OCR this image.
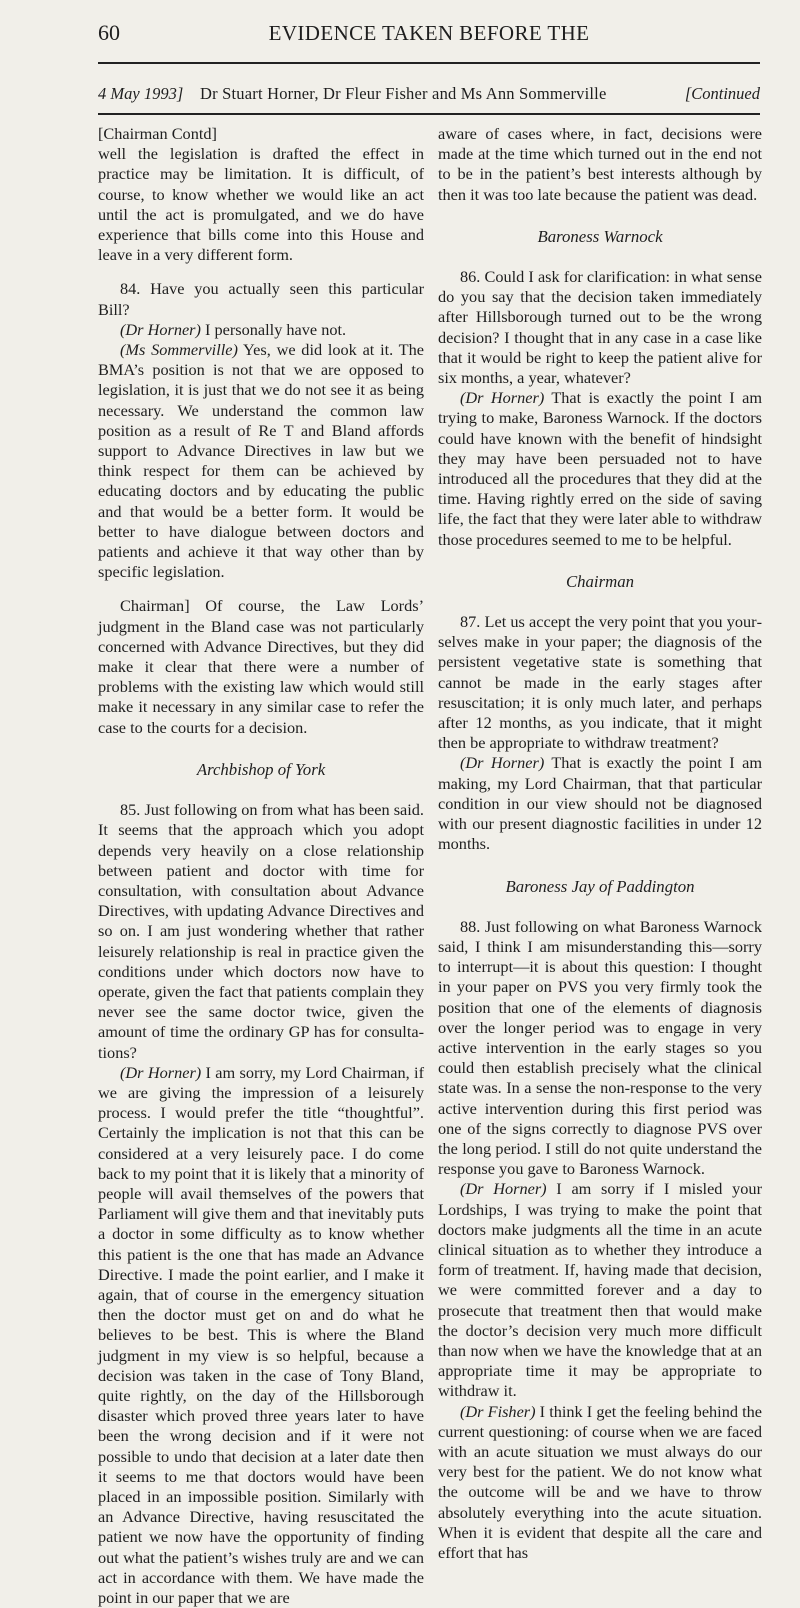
60	EVIDENCE TAKEN BEFORE THE
4 May 1993] Dr Stuart Horner, Dr Fleur Fisher and Ms Ann Sommerville	[Continued

[Chairman Contd]

well the legislation is drafted the effect in practice may be limitation. It is difficult, of course, to know whether we would like an act until the act is promulgated, and we do have experience that bills come into this House and leave in a very different form.

84. Have you actually seen this particular Bill?

(Dr Horner) I personally have not.

(Ms Sommerville) Yes, we did look at it. The BMA’s position is not that we are opposed to legislation, it is just that we do not see it as being necessary. We understand the common law position as a result of Re T and Bland affords support to Advance Directives in law but we think respect for them can be achieved by educating doctors and by educating the public and that would be a better form. It would be better to have dialogue between doctors and patients and achieve it that way other than by specific legislation.

Chairman] Of course, the Law Lords’ judgment in the Bland case was not particularly concerned with Advance Directives, but they did make it clear that there were a number of problems with the existing law which would still make it necessary in any similar case to refer the case to the courts for a decision.

Archbishop of York

85. Just following on from what has been said. It seems that the approach which you adopt depends very heavily on a close relationship between patient and doctor with time for consultation, with consultation about Advance Directives, with updating Advance Directives and so on. I am just wondering whether that rather leisurely relationship is real in practice given the conditions under which doctors now have to operate, given the fact that patients complain they never see the same doctor twice, given the amount of time the ordinary GP has for consultations?

(Dr Horner) I am sorry, my Lord Chairman, if we are giving the impression of a leisurely process. I would prefer the title “thoughtful”. Certainly the implication is not that this can be considered at a very leisurely pace. I do come back to my point that it is likely that a minority of people will avail themselves of the powers that Parliament will give them and that inevitably puts a doctor in some difficulty as to know whether this patient is the one that has made an Advance Directive. I made the point earlier, and I make it again, that of course in the emergency situation then the doctor must get on and do what he believes to be best. This is where the Bland judgment in my view is so helpful, because a decision was taken in the case of Tony Bland, quite rightly, on the day of the Hillsborough disaster which proved three years later to have been the wrong decision and if it were not possible to undo that decision at a later date then it seems to me that doctors would have been placed in an impossible position. Similarly with an Advance Directive, having resuscitated the patient we now have the opportunity of finding out what the patient’s wishes truly are and we can act in accordance with them. We have made the point in our paper that we are

aware of cases where, in fact, decisions were made at the time which turned out in the end not to be in the patient’s best interests although by then it was too late because the patient was dead.

Baroness Warnock

86. Could I ask for clarification: in what sense do you say that the decision taken immediately after Hillsborough turned out to be the wrong decision? I thought that in any case in a case like that it would be right to keep the patient alive for six months, a year, whatever?

(Dr Horner) That is exactly the point I am trying to make, Baroness Warnock. If the doctors could have known with the benefit of hindsight they may have been persuaded not to have introduced all the procedures that they did at the time. Having rightly erred on the side of saving life, the fact that they were later able to withdraw those procedures seemed to me to be helpful.

Chairman

87. Let us accept the very point that you yourselves make in your paper; the diagnosis of the persistent vegetative state is something that cannot be made in the early stages after resuscitation; it is only much later, and perhaps after 12 months, as you indicate, that it might then be appropriate to withdraw treatment?

(Dr Horner) That is exactly the point I am making, my Lord Chairman, that that particular condition in our view should not be diagnosed with our present diagnostic facilities in under 12 months.

Baroness Jay of Paddington

88. Just following on what Baroness Warnock said, I think I am misunderstanding this—sorry to interrupt—it is about this question: I thought in your paper on PVS you very firmly took the position that one of the elements of diagnosis over the longer period was to engage in very active intervention in the early stages so you could then establish precisely what the clinical state was. In a sense the non-response to the very active intervention during this first period was one of the signs correctly to diagnose PVS over the long period. I still do not quite understand the response you gave to Baroness Warnock.

(Dr Horner) I am sorry if I misled your Lordships, I was trying to make the point that doctors make judgments all the time in an acute clinical situation as to whether they introduce a form of treatment. If, having made that decision, we were committed forever and a day to prosecute that treatment then that would make the doctor’s decision very much more difficult than now when we have the knowledge that at an appropriate time it may be appropriate to withdraw it.

(Dr Fisher) I think I get the feeling behind the current questioning: of course when we are faced with an acute situation we must always do our very best for the patient. We do not know what the outcome will be and we have to throw absolutely everything into the acute situation. When it is evident that despite all the care and effort that has
